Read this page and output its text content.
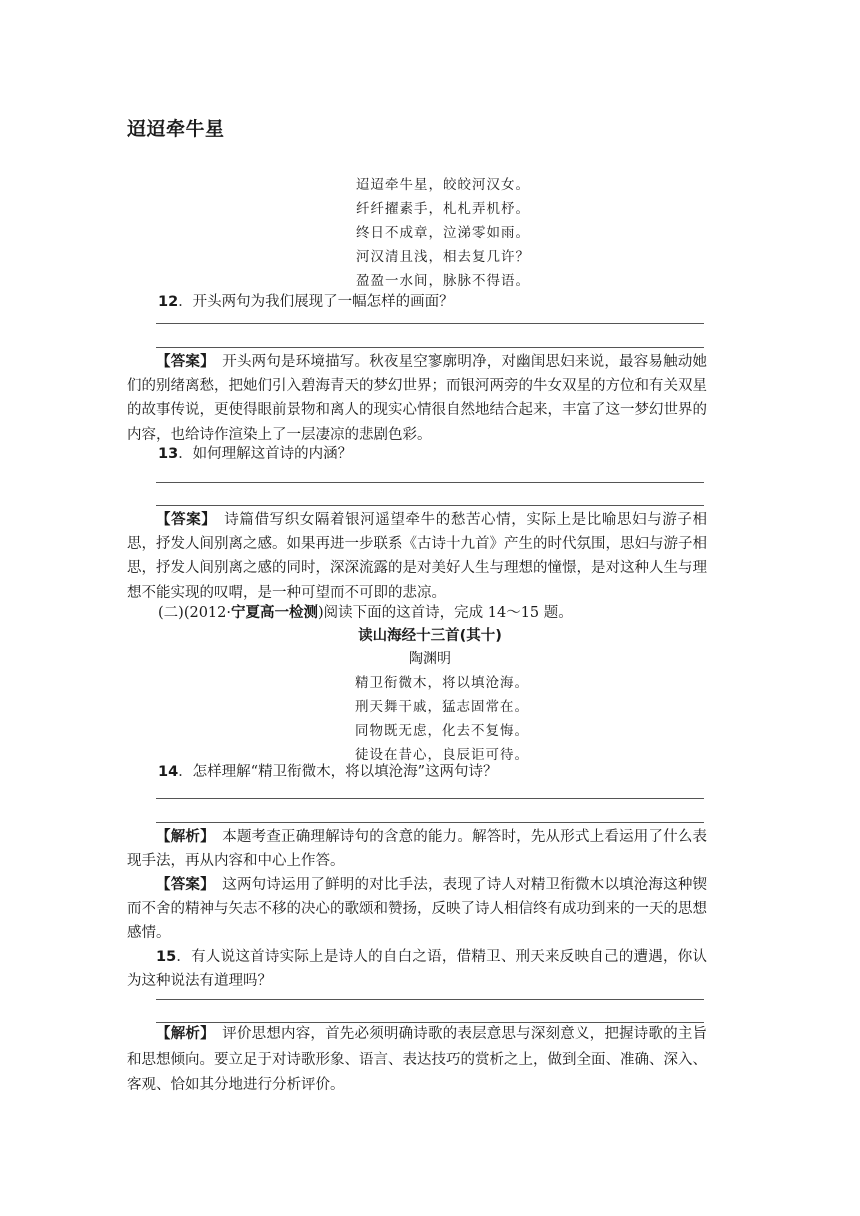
迢迢牵牛星
迢迢牵牛星，皎皎河汉女。
纤纤擢素手，札札弄机杼。
终日不成章，泣涕零如雨。
河汉清且浅，相去复几许？
盈盈一水间，脉脉不得语。
12．开头两句为我们展现了一幅怎样的画面？
【答案】　开头两句是环境描写。秋夜星空寥廓明净，对幽闺思妇来说，最容易触动她们的别绪离愁，把她们引入碧海青天的梦幻世界；而银河两旁的牛女双星的方位和有关双星的故事传说，更使得眼前景物和离人的现实心情很自然地结合起来，丰富了这一梦幻世界的内容，也给诗作渲染上了一层凄凉的悲剧色彩。
13．如何理解这首诗的内涵？
【答案】　诗篇借写织女隔着银河遥望牵牛的愁苦心情，实际上是比喻思妇与游子相思，抒发人间别离之感。如果再进一步联系《古诗十九首》产生的时代氛围，思妇与游子相思，抒发人间别离之感的同时，深深流露的是对美好人生与理想的憧憬，是对这种人生与理想不能实现的叹喟，是一种可望而不可即的悲凉。
(二)(2012·宁夏高一检测)阅读下面的这首诗，完成 14～15 题。
读山海经十三首(其十)
陶渊明
精卫衔微木，将以填沧海。
刑天舞干戚，猛志固常在。
同物既无虑，化去不复悔。
徒设在昔心，良辰讵可待。
14．怎样理解“精卫衔微木，将以填沧海”这两句诗？
【解析】　本题考查正确理解诗句的含意的能力。解答时，先从形式上看运用了什么表现手法，再从内容和中心上作答。
【答案】　这两句诗运用了鲜明的对比手法，表现了诗人对精卫衔微木以填沧海这种锲而不舍的精神与矢志不移的决心的歌颂和赞扬，反映了诗人相信终有成功到来的一天的思想感情。
15．有人说这首诗实际上是诗人的自白之语，借精卫、刑天来反映自己的遭遇，你认为这种说法有道理吗？
【解析】　评价思想内容，首先必须明确诗歌的表层意思与深刻意义，把握诗歌的主旨和思想倾向。要立足于对诗歌形象、语言、表达技巧的赏析之上，做到全面、准确、深入、客观、恰如其分地进行分析评价。
